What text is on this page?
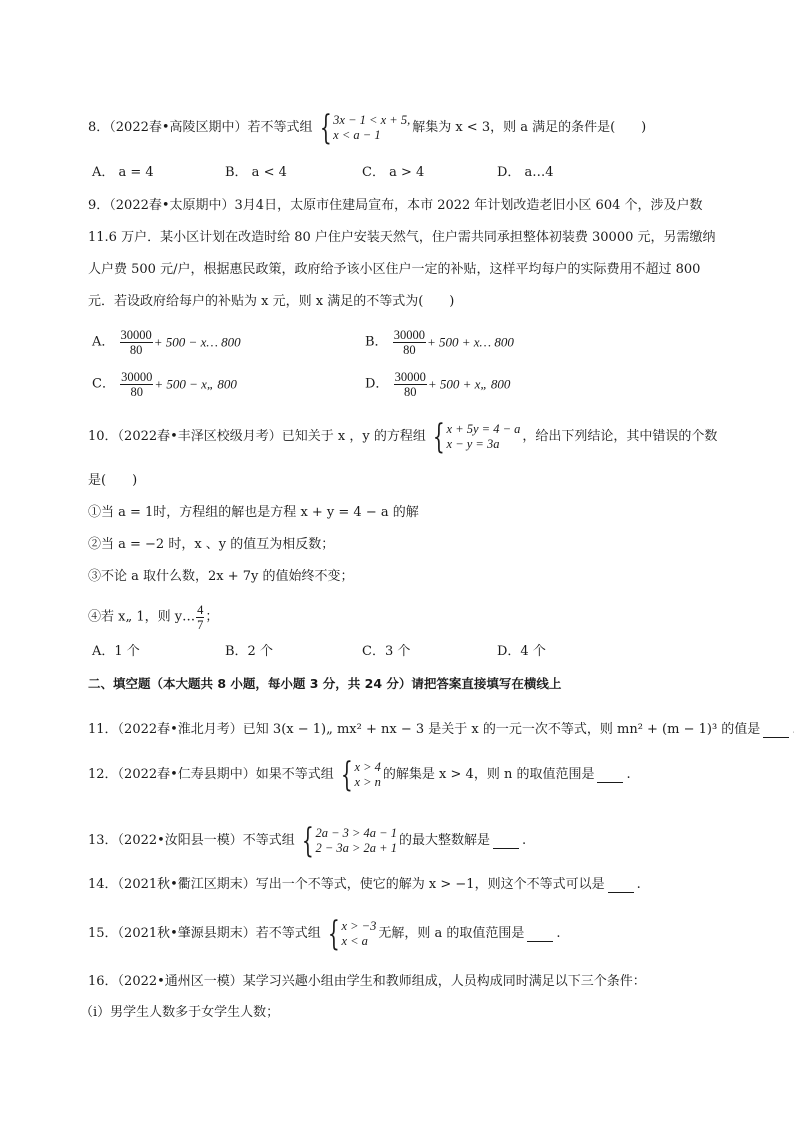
8．（2022春•高陵区期中）若不等式组 { 3x − 1 < x + 5,
x < a − 1	解集为 x < 3，则 a 满足的条件是(　　)
A． a = 4	B． a < 4	C． a > 4	D． a…4
9．（2022春•太原期中）3月4日，太原市住建局宣布，本市 2022 年计划改造老旧小区 604 个，涉及户数
11.6 万户．某小区计划在改造时给 80 户住户安装天然气，住户需共同承担整体初装费 30000 元，另需缴纳
人户费 500 元/户，根据惠民政策，政府给予该小区住户一定的补贴，这样平均每户的实际费用不超过 800
元．若设政府给每户的补贴为 x 元，则 x 满足的不等式为(　　)
A． $\frac{30000}{80} + 500$ − x… 800	B． $\frac{30000}{80} + 500$ + x… 800
C． $\frac{30000}{80} + 500$ − x„ 800	D． $\frac{30000}{80} + 500$ + x„ 800
10．（2022春•丰泽区校级月考）已知关于 x ，y 的方程组 { x + 5y = 4 − a
x − y = 3a	，给出下列结论，其中错误的个数
是(　　)
①当 a = 1时，方程组的解也是方程 x + y = 4 − a 的解
②当 a = −2 时，x 、y 的值互为相反数；
③不论 a 取什么数，2x + 7y 的值始终不变；
④若 x„ 1，则 y… $\frac{4}{7}$ ；
A．1 个	B．2 个	C．3 个	D．4 个
二、填空题（本大题共 8 小题，每小题 3 分，共 24 分）请把答案直接填写在横线上
11．（2022春•淮北月考）已知 3(x − 1)„ mx² + nx − 3 是关于 x 的一元一次不等式，则 mn² + (m − 1)³ 的值是
12．（2022春•仁寿县期中）如果不等式组 { x > 4
x > n 的解集是 x > 4，则 n 的取值范围是 .
13．（2022•汝阳县一模）不等式组 { 2a − 3 > 4a − 1
2 − 3a > 2a + 1 的最大整数解是 .
14．（2021秋•衢江区期末）写出一个不等式，使它的解为 x > −1，则这个不等式可以是 .
15．（2021秋•肇源县期末）若不等式组 { x > −3
x < a 无解，则 a 的取值范围是 .
16．（2022•通州区一模）某学习兴趣小组由学生和教师组成，人员构成同时满足以下三个条件：
（ⅰ）男学生人数多于女学生人数；
